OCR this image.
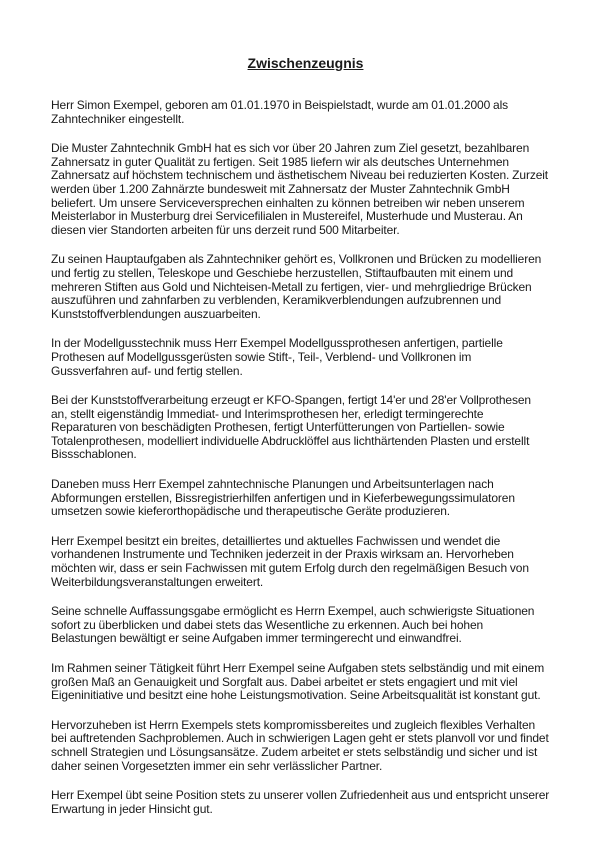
Zwischenzeugnis

Herr Simon Exempel, geboren am 01.01.1970 in Beispielstadt, wurde am 01.01.2000 als Zahntechniker eingestellt.

Die Muster Zahntechnik GmbH hat es sich vor über 20 Jahren zum Ziel gesetzt, bezahlbaren Zahnersatz in guter Qualität zu fertigen. Seit 1985 liefern wir als deutsches Unternehmen Zahnersatz auf höchstem technischem und ästhetischem Niveau bei reduzierten Kosten. Zurzeit werden über 1.200 Zahnärzte bundesweit mit Zahnersatz der Muster Zahntechnik GmbH beliefert. Um unsere Serviceversprechen einhalten zu können betreiben wir neben unserem Meisterlabor in Musterburg drei Servicefilialen in Mustereifel, Musterhude und Musterau. An diesen vier Standorten arbeiten für uns derzeit rund 500 Mitarbeiter.

Zu seinen Hauptaufgaben als Zahntechniker gehört es, Vollkronen und Brücken zu modellieren und fertig zu stellen, Teleskope und Geschiebe herzustellen, Stiftaufbauten mit einem und mehreren Stiften aus Gold und Nichteisen-Metall zu fertigen, vier- und mehrgliedrige Brücken auszuführen und zahnfarben zu verblenden, Keramikverblendungen aufzubrennen und Kunststoffverblendungen auszuarbeiten.

In der Modellgusstechnik muss Herr Exempel Modellgussprothesen anfertigen, partielle Prothesen auf Modellgussgerüsten sowie Stift-, Teil-, Verblend- und Vollkronen im Gussverfahren auf- und fertig stellen.

Bei der Kunststoffverarbeitung erzeugt er KFO-Spangen, fertigt 14'er und 28'er Vollprothesen an, stellt eigenständig Immediat- und Interimsprothesen her, erledigt termingerechte Reparaturen von beschädigten Prothesen, fertigt Unterfütterungen von Partiellen- sowie Totalenprothesen, modelliert individuelle Abdrucklöffel aus lichthärtenden Plasten und erstellt Bissschablonen.

Daneben muss Herr Exempel zahntechnische Planungen und Arbeitsunterlagen nach Abformungen erstellen, Bissregistrierhilfen anfertigen und in Kieferbewegungssimulatoren umsetzen sowie kieferorthopädische und therapeutische Geräte produzieren.

Herr Exempel besitzt ein breites, detailliertes und aktuelles Fachwissen und wendet die vorhandenen Instrumente und Techniken jederzeit in der Praxis wirksam an. Hervorheben möchten wir, dass er sein Fachwissen mit gutem Erfolg durch den regelmäßigen Besuch von Weiterbildungsveranstaltungen erweitert.

Seine schnelle Auffassungsgabe ermöglicht es Herrn Exempel, auch schwierigste Situationen sofort zu überblicken und dabei stets das Wesentliche zu erkennen. Auch bei hohen Belastungen bewältigt er seine Aufgaben immer termingerecht und einwandfrei.

Im Rahmen seiner Tätigkeit führt Herr Exempel seine Aufgaben stets selbständig und mit einem großen Maß an Genauigkeit und Sorgfalt aus. Dabei arbeitet er stets engagiert und mit viel Eigeninitiative und besitzt eine hohe Leistungsmotivation. Seine Arbeitsqualität ist konstant gut.

Hervorzuheben ist Herrn Exempels stets kompromissbereites und zugleich flexibles Verhalten bei auftretenden Sachproblemen. Auch in schwierigen Lagen geht er stets planvoll vor und findet schnell Strategien und Lösungsansätze. Zudem arbeitet er stets selbständig und sicher und ist daher seinen Vorgesetzten immer ein sehr verlässlicher Partner.

Herr Exempel übt seine Position stets zu unserer vollen Zufriedenheit aus und entspricht unserer Erwartung in jeder Hinsicht gut.
